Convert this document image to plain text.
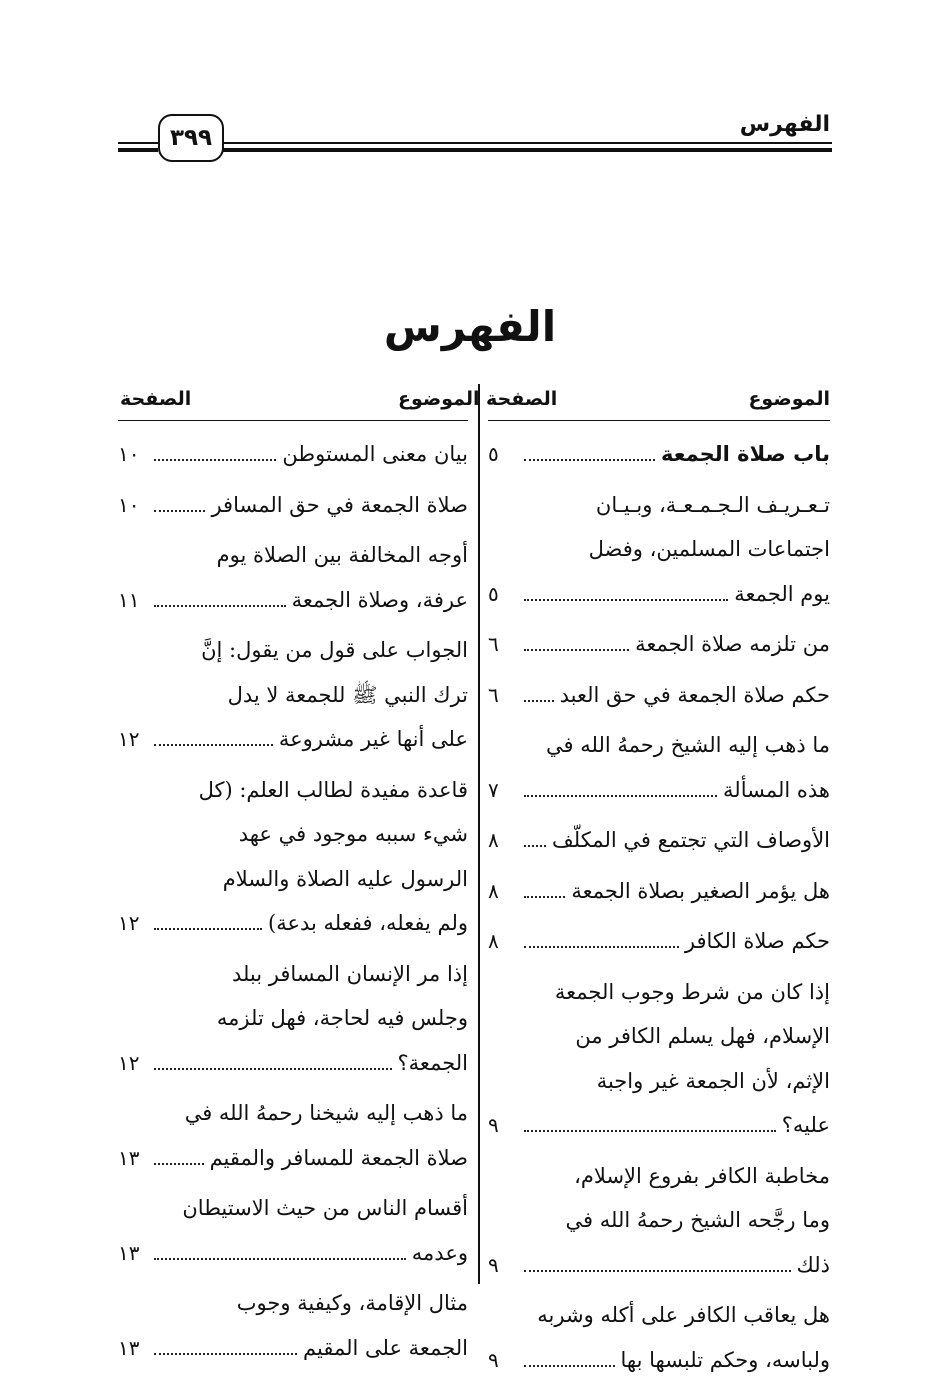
الفهرس
٣٩٩
الفهرس
الموضوع
الصفحة
الموضوع
الصفحة
باب صلاة الجمعة
٥
تـعـريـف الـجـمـعـة، وبـيـان
اجتماعات المسلمين، وفضل
يوم الجمعة
٥
من تلزمه صلاة الجمعة
٦
حكم صلاة الجمعة في حق العبد
٦
ما ذهب إليه الشيخ رحمهُ الله في
هذه المسألة
٧
الأوصاف التي تجتمع في المكلّف
٨
هل يؤمر الصغير بصلاة الجمعة
٨
حكم صلاة الكافر
٨
إذا كان من شرط وجوب الجمعة
الإسلام، فهل يسلم الكافر من
الإثم، لأن الجمعة غير واجبة
عليه؟
٩
مخاطبة الكافر بفروع الإسلام،
وما رجَّحه الشيخ رحمهُ الله في
ذلك
٩
هل يعاقب الكافر على أكله وشربه
ولباسه، وحكم تلبسها بها
٩
بيان معنى المستوطن
١٠
صلاة الجمعة في حق المسافر
١٠
أوجه المخالفة بين الصلاة يوم
عرفة، وصلاة الجمعة
١١
الجواب على قول من يقول: إنَّ
ترك النبي ﷺ للجمعة لا يدل
على أنها غير مشروعة
١٢
قاعدة مفيدة لطالب العلم: (كل
شيء سببه موجود في عهد
الرسول عليه الصلاة والسلام
ولم يفعله، ففعله بدعة)
١٢
إذا مر الإنسان المسافر ببلد
وجلس فيه لحاجة، فهل تلزمه
الجمعة؟
١٢
ما ذهب إليه شيخنا رحمهُ الله في
صلاة الجمعة للمسافر والمقيم
١٣
أقسام الناس من حيث الاستيطان
وعدمه
١٣
مثال الإقامة، وكيفية وجوب
الجمعة على المقيم
١٣
